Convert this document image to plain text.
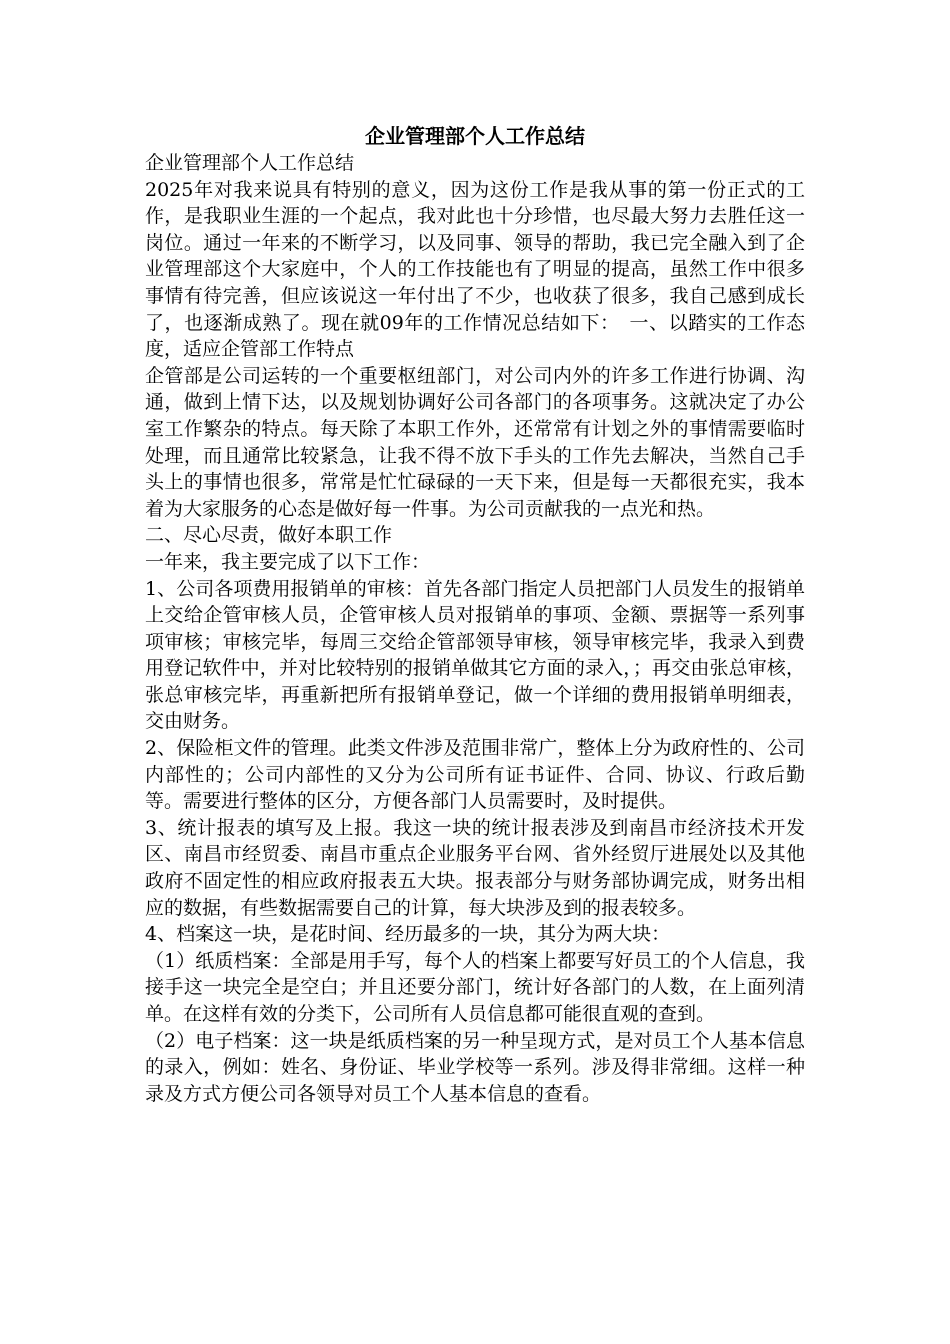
企业管理部个人工作总结

企业管理部个人工作总结

2025年对我来说具有特别的意义，因为这份工作是我从事的第一份正式的工作，是我职业生涯的一个起点，我对此也十分珍惜，也尽最大努力去胜任这一岗位。通过一年来的不断学习，以及同事、领导的帮助，我已完全融入到了企业管理部这个大家庭中，个人的工作技能也有了明显的提高，虽然工作中很多事情有待完善，但应该说这一年付出了不少，也收获了很多，我自己感到成长了，也逐渐成熟了。现在就09年的工作情况总结如下：　一、以踏实的工作态度，适应企管部工作特点

企管部是公司运转的一个重要枢纽部门，对公司内外的许多工作进行协调、沟通，做到上情下达，以及规划协调好公司各部门的各项事务。这就决定了办公室工作繁杂的特点。每天除了本职工作外，还常常有计划之外的事情需要临时处理，而且通常比较紧急，让我不得不放下手头的工作先去解决，当然自己手头上的事情也很多，常常是忙忙碌碌的一天下来，但是每一天都很充实，我本着为大家服务的心态是做好每一件事。为公司贡献我的一点光和热。

二、尽心尽责，做好本职工作

一年来，我主要完成了以下工作：

1、公司各项费用报销单的审核：首先各部门指定人员把部门人员发生的报销单上交给企管审核人员，企管审核人员对报销单的事项、金额、票据等一系列事项审核；审核完毕，每周三交给企管部领导审核，领导审核完毕，我录入到费用登记软件中，并对比较特别的报销单做其它方面的录入，；再交由张总审核，张总审核完毕，再重新把所有报销单登记，做一个详细的费用报销单明细表，交由财务。

2、保险柜文件的管理。此类文件涉及范围非常广，整体上分为政府性的、公司内部性的；公司内部性的又分为公司所有证书证件、合同、协议、行政后勤等。需要进行整体的区分，方便各部门人员需要时，及时提供。

3、统计报表的填写及上报。我这一块的统计报表涉及到南昌市经济技术开发区、南昌市经贸委、南昌市重点企业服务平台网、省外经贸厅进展处以及其他政府不固定性的相应政府报表五大块。报表部分与财务部协调完成，财务出相应的数据，有些数据需要自己的计算，每大块涉及到的报表较多。

4、档案这一块，是花时间、经历最多的一块，其分为两大块：

（1）纸质档案：全部是用手写，每个人的档案上都要写好员工的个人信息，我接手这一块完全是空白；并且还要分部门，统计好各部门的人数，在上面列清单。在这样有效的分类下，公司所有人员信息都可能很直观的查到。

（2）电子档案：这一块是纸质档案的另一种呈现方式，是对员工个人基本信息的录入，例如：姓名、身份证、毕业学校等一系列。涉及得非常细。这样一种录及方式方便公司各领导对员工个人基本信息的查看。
